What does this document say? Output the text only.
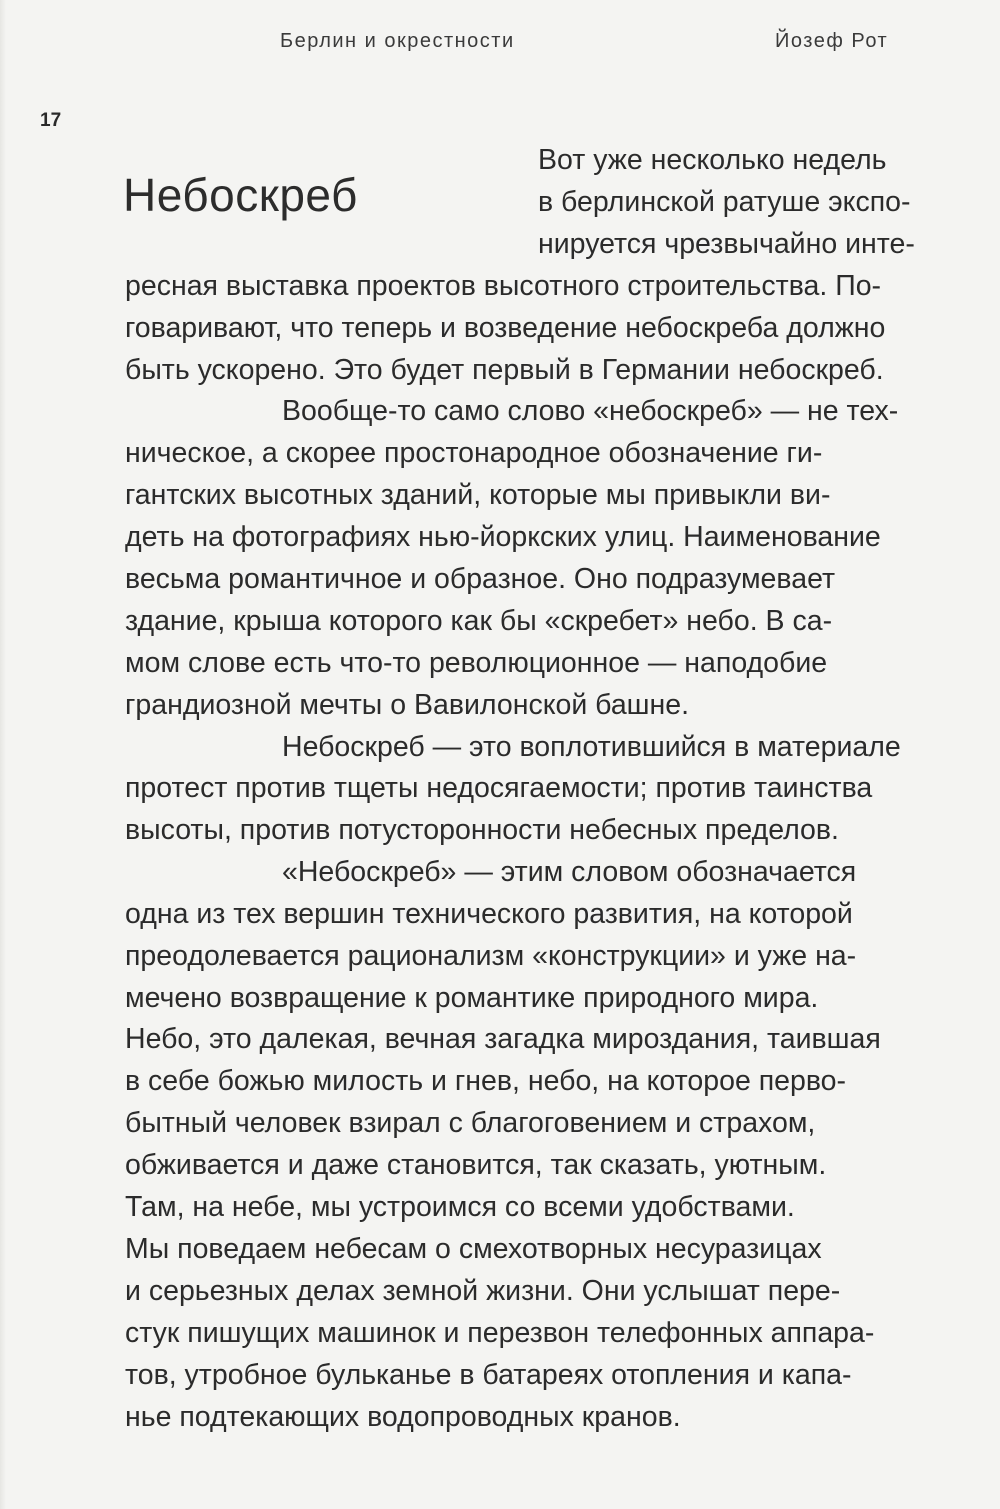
Берлин и окрестности	Йозеф Рот
17
Небоскреб
Вот уже несколько недель
в берлинской ратуше экспо-
нируется чрезвычайно инте-
ресная выставка проектов высотного строительства. По-
говаривают, что теперь и возведение небоскреба должно
быть ускорено. Это будет первый в Германии небоскреб.
Вообще-то само слово «небоскреб» — не тех-
ническое, а скорее простонародное обозначение ги-
гантских высотных зданий, которые мы привыкли ви-
деть на фотографиях нью-йоркских улиц. Наименование
весьма романтичное и образное. Оно подразумевает
здание, крыша которого как бы «скребет» небо. В са-
мом слове есть что-то революционное — наподобие
грандиозной мечты о Вавилонской башне.
Небоскреб — это воплотившийся в материале
протест против тщеты недосягаемости; против таинства
высоты, против потусторонности небесных пределов.
«Небоскреб» — этим словом обозначается
одна из тех вершин технического развития, на которой
преодолевается рационализм «конструкции» и уже на-
мечено возвращение к романтике природного мира.
Небо, это далекая, вечная загадка мироздания, таившая
в себе божью милость и гнев, небо, на которое перво-
бытный человек взирал с благоговением и страхом,
обживается и даже становится, так сказать, уютным.
Там, на небе, мы устроимся со всеми удобствами.
Мы поведаем небесам о смехотворных несуразицах
и серьезных делах земной жизни. Они услышат пере-
стук пишущих машинок и перезвон телефонных аппара-
тов, утробное бульканье в батареях отопления и капа-
нье подтекающих водопроводных кранов.
